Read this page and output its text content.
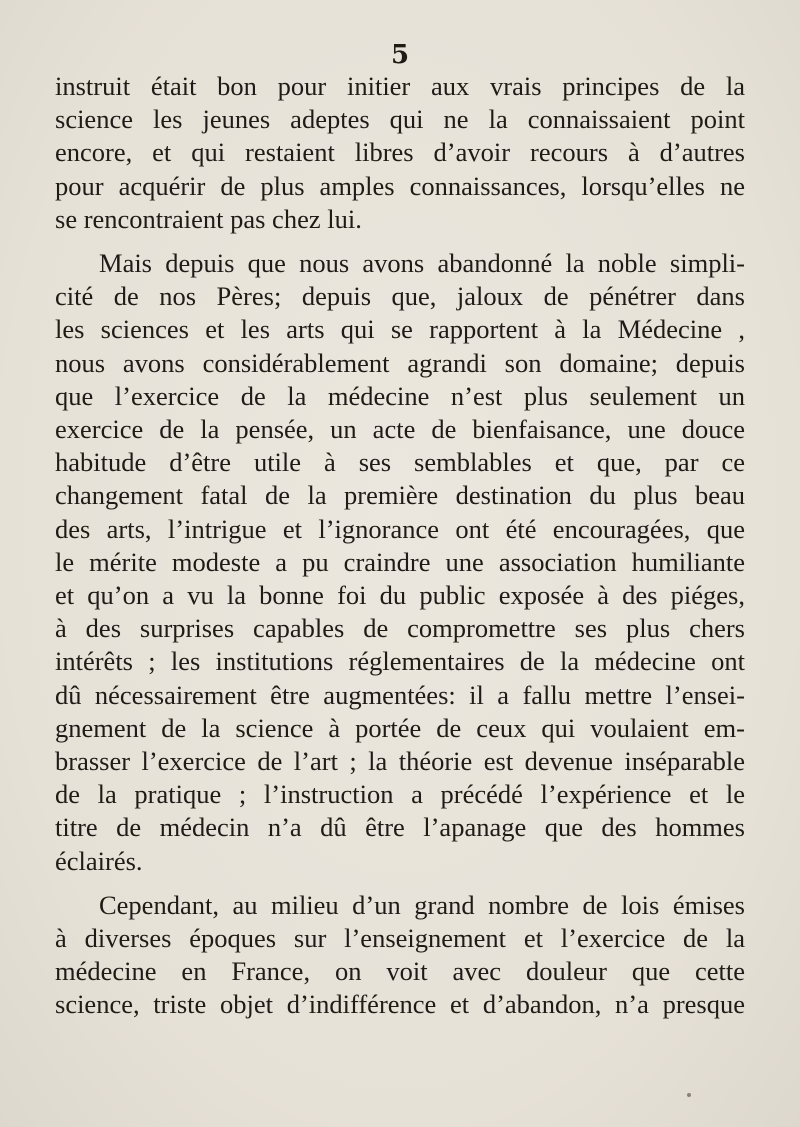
5
instruit était bon pour initier aux vrais principes de la
science les jeunes adeptes qui ne la connaissaient point
encore, et qui restaient libres d’avoir recours à d’autres
pour acquérir de plus amples connaissances, lorsqu’elles ne
se rencontraient pas chez lui.
Mais depuis que nous avons abandonné la noble simpli-
cité de nos Pères; depuis que, jaloux de pénétrer dans
les sciences et les arts qui se rapportent à la Médecine ,
nous avons considérablement agrandi son domaine; depuis
que l’exercice de la médecine n’est plus seulement un
exercice de la pensée, un acte de bienfaisance, une douce
habitude d’être utile à ses semblables et que, par ce
changement fatal de la première destination du plus beau
des arts, l’intrigue et l’ignorance ont été encouragées, que
le mérite modeste a pu craindre une association humiliante
et qu’on a vu la bonne foi du public exposée à des piéges,
à des surprises capables de compromettre ses plus chers
intérêts ; les institutions réglementaires de la médecine ont
dû nécessairement être augmentées: il a fallu mettre l’ensei-
gnement de la science à portée de ceux qui voulaient em-
brasser l’exercice de l’art ; la théorie est devenue inséparable
de la pratique ; l’instruction a précédé l’expérience et le
titre de médecin n’a dû être l’apanage que des hommes
éclairés.
Cependant, au milieu d’un grand nombre de lois émises
à diverses époques sur l’enseignement et l’exercice de la
médecine en France, on voit avec douleur que cette
science, triste objet d’indifférence et d’abandon, n’a presque
